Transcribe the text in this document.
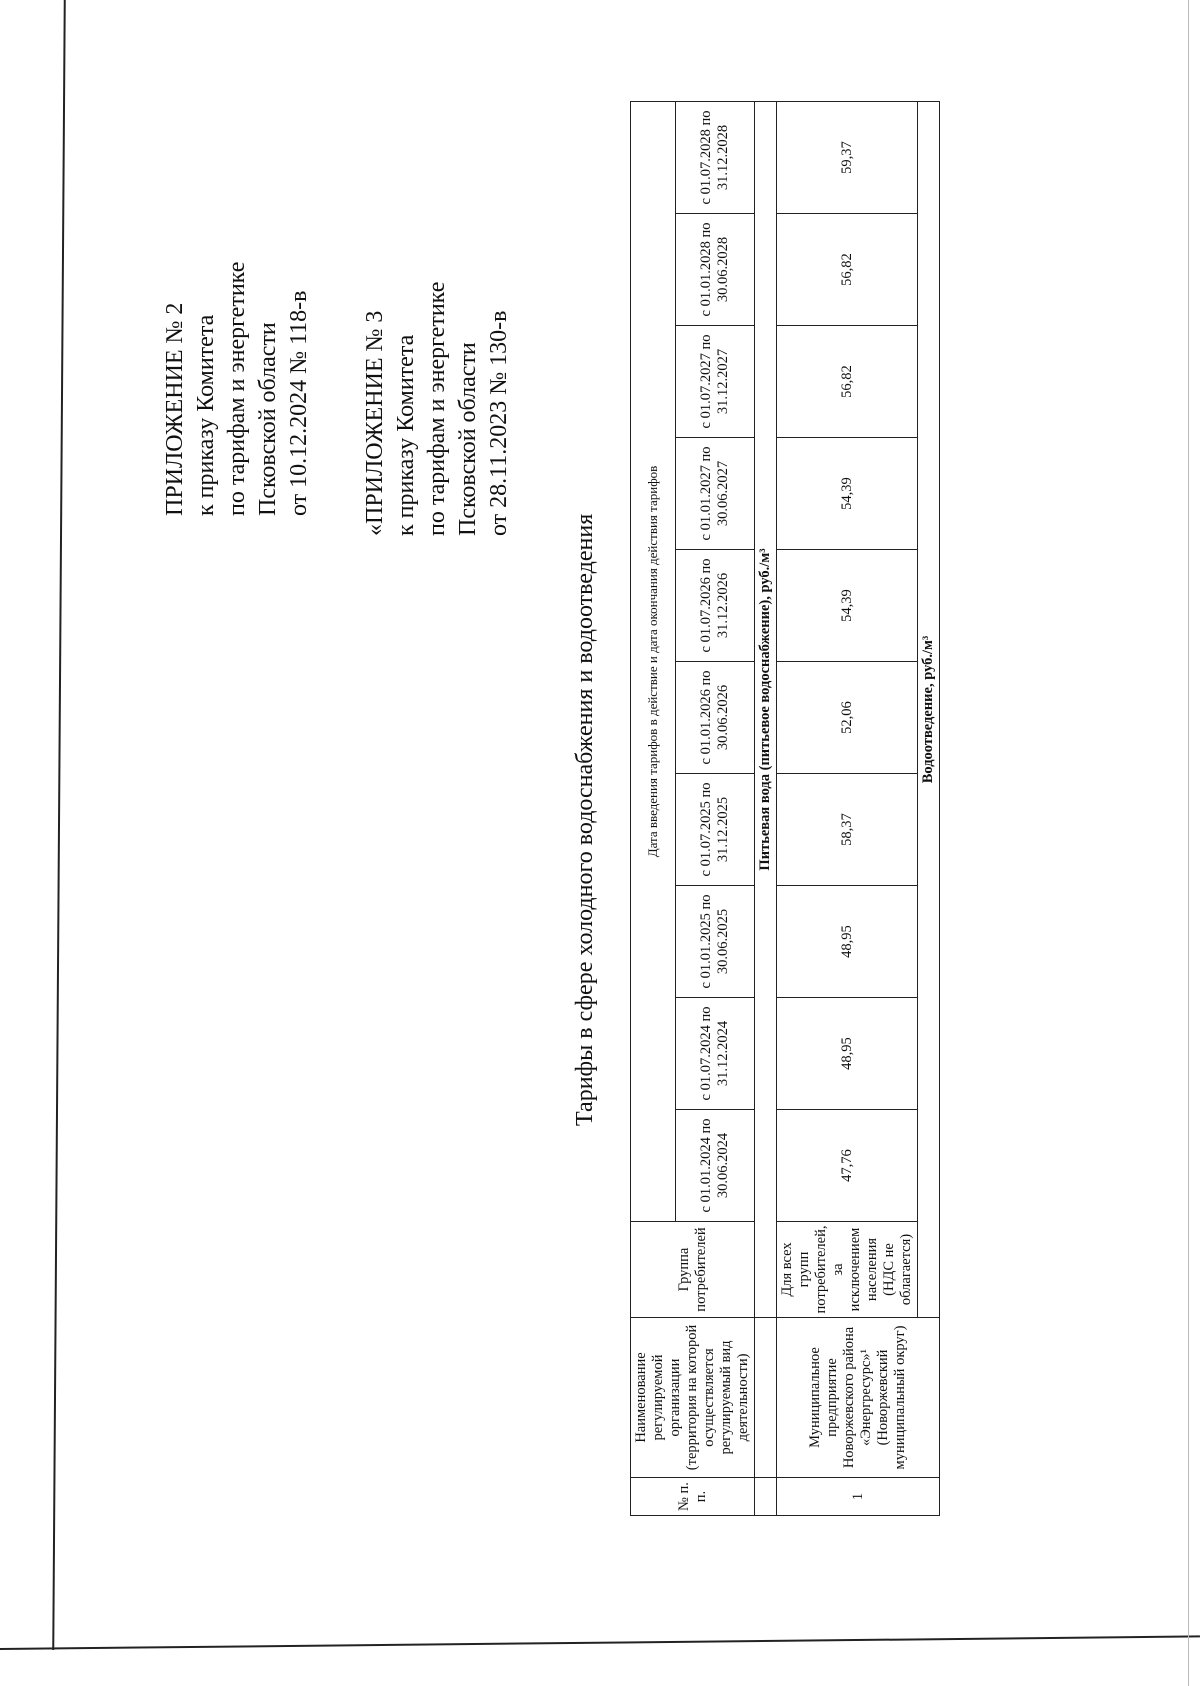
ПРИЛОЖЕНИЕ № 2 к приказу Комитета
по тарифам и энергетике
Псковской области от 10.12.2024 № 118-в «ПРИЛОЖЕНИЕ № 3 к приказу Комитета
по тарифам и энергетике
Псковской области от 28.11.2023 № 130-в
Тарифы в сфере холодного водоснабжения и водоотведения
№ п. п.	Наименование регулируемой организации (территория на которой осуществляется регулируемый вид деятельности)	Группа потребителей	Дата введения тарифов в действие и дата окончания действия тарифов									
			с 01.01.2024 по 30.06.2024	с 01.07.2024 по 31.12.2024	с 01.01.2025 по 30.06.2025	с 01.07.2025 по 31.12.2025	с 01.01.2026 по 30.06.2026	с 01.07.2026 по 31.12.2026	с 01.01.2027 по 30.06.2027	с 01.07.2027 по 31.12.2027	с 01.01.2028 по 30.06.2028	с 01.07.2028 по 31.12.2028
		Питьевая вода (питьевое водоснабжение), руб./м³										
1	Муниципальное предприятие Новоржевского района «Энергресурс»¹ (Новоржевский муниципальный округ)	Для всех групп потребителей, за исключением населения (НДС не облагается)	47,76	48,95	48,95	58,37	52,06	54,39	54,39	56,82	56,82	59,37
		Водоотведение, руб./м³										
